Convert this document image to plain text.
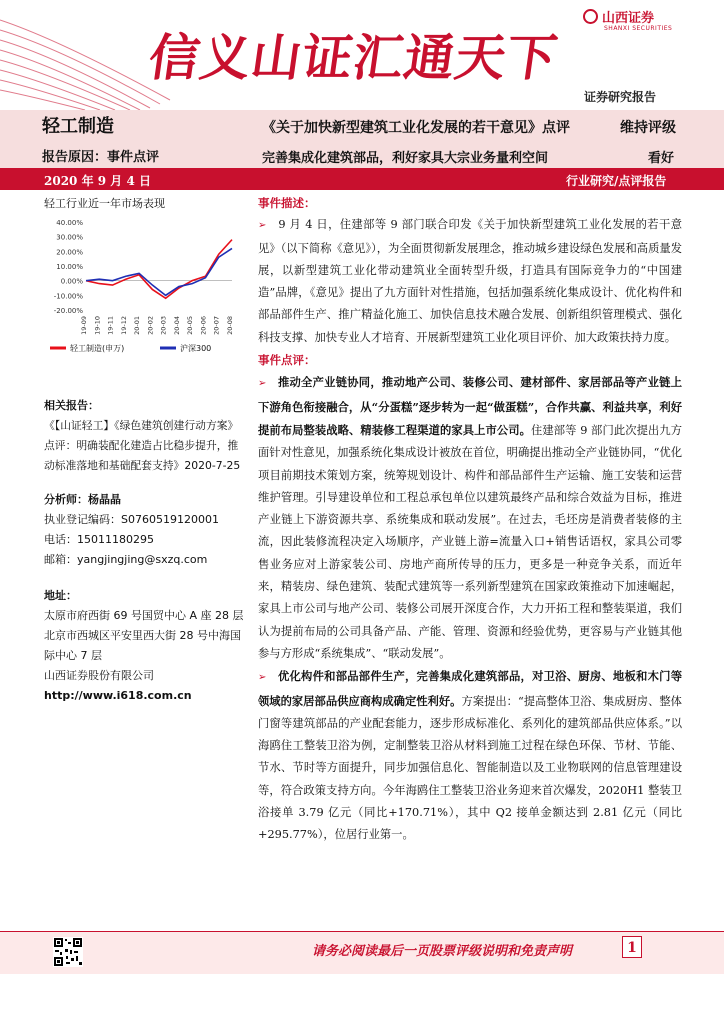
信义山证汇通天下
山西证券
SHANXI SECURITIES
证券研究报告
轻工制造	《关于加快新型建筑工业化发展的若干意见》点评	维持评级
报告原因：事件点评	完善集成化建筑部品，利好家具大宗业务量利空间	看好
2020 年 9 月 4 日	行业研究/点评报告
轻工行业近一年市场表现
40.00%
30.00%
20.00%
10.00%
0.00%
-10.00%
-20.00%
19-09 19-10 19-11 19-12 20-01 20-02 20-03 20-04 20-05 20-06 20-07 20-08
轻工制造(申万)	沪深300
相关报告：

《【山证轻工】《绿色建筑创建行动方案》点评：明确装配化建造占比稳步提升，推动标准落地和基础配套支持》2020-7-25

分析师：杨晶晶

执业登记编码：S0760519120001

电话：15011180295

邮箱：yangjingjing@sxzq.com

地址：

太原市府西街 69 号国贸中心 A 座 28 层

北京市西城区平安里西大街 28 号中海国际中心 7 层

山西证券股份有限公司

http://www.i618.com.cn

事件描述：

➢ 9 月 4 日，住建部等 9 部门联合印发《关于加快新型建筑工业化发展的若干意见》（以下简称《意见》），为全面贯彻新发展理念，推动城乡建设绿色发展和高质量发展，以新型建筑工业化带动建筑业全面转型升级，打造具有国际竞争力的“中国建造”品牌，《意见》提出了九方面针对性措施，包括加强系统化集成设计、优化构件和部品部件生产、推广精益化施工、加快信息技术融合发展、创新组织管理模式、强化科技支撑、加快专业人才培育、开展新型建筑工业化项目评价、加大政策扶持力度。

事件点评：

➢ 推动全产业链协同，推动地产公司、装修公司、建材部件、家居部品等产业链上下游角色衔接融合，从“分蛋糕”逐步转为一起“做蛋糕”，合作共赢、利益共享，利好提前布局整装战略、精装修工程渠道的家具上市公司。住建部等 9 部门此次提出九方面针对性意见，加强系统化集成设计被放在首位，明确提出推动全产业链协同，“优化项目前期技术策划方案，统筹规划设计、构件和部品部件生产运输、施工安装和运营维护管理。引导建设单位和工程总承包单位以建筑最终产品和综合效益为目标，推进产业链上下游资源共享、系统集成和联动发展”。在过去，毛坯房是消费者装修的主流，因此装修流程决定入场顺序，产业链上游=流量入口+销售话语权，家具公司零售业务应对上游家装公司、房地产商所传导的压力，更多是一种竞争关系，而近年来，精装房、绿色建筑、装配式建筑等一系列新型建筑在国家政策推动下加速崛起，家具上市公司与地产公司、装修公司展开深度合作，大力开拓工程和整装渠道，我们认为提前布局的公司具备产品、产能、管理、资源和经验优势，更容易与产业链其他参与方形成“系统集成”、“联动发展”。

➢ 优化构件和部品部件生产，完善集成化建筑部品，对卫浴、厨房、地板和木门等领域的家居部品供应商构成确定性利好。方案提出：“提高整体卫浴、集成厨房、整体门窗等建筑部品的产业配套能力，逐步形成标准化、系列化的建筑部品供应体系。”以海鸥住工整装卫浴为例，定制整装卫浴从材料到施工过程在绿色环保、节材、节能、节水、节时等方面提升，同步加强信息化、智能制造以及工业物联网的信息管理建设等，符合政策支持方向。今年海鸥住工整装卫浴业务迎来首次爆发，2020H1 整装卫浴接单 3.79 亿元（同比+170.71%），其中 Q2 接单金额达到 2.81 亿元（同比+295.77%），位居行业第一。

请务必阅读最后一页股票评级说明和免责声明	1
